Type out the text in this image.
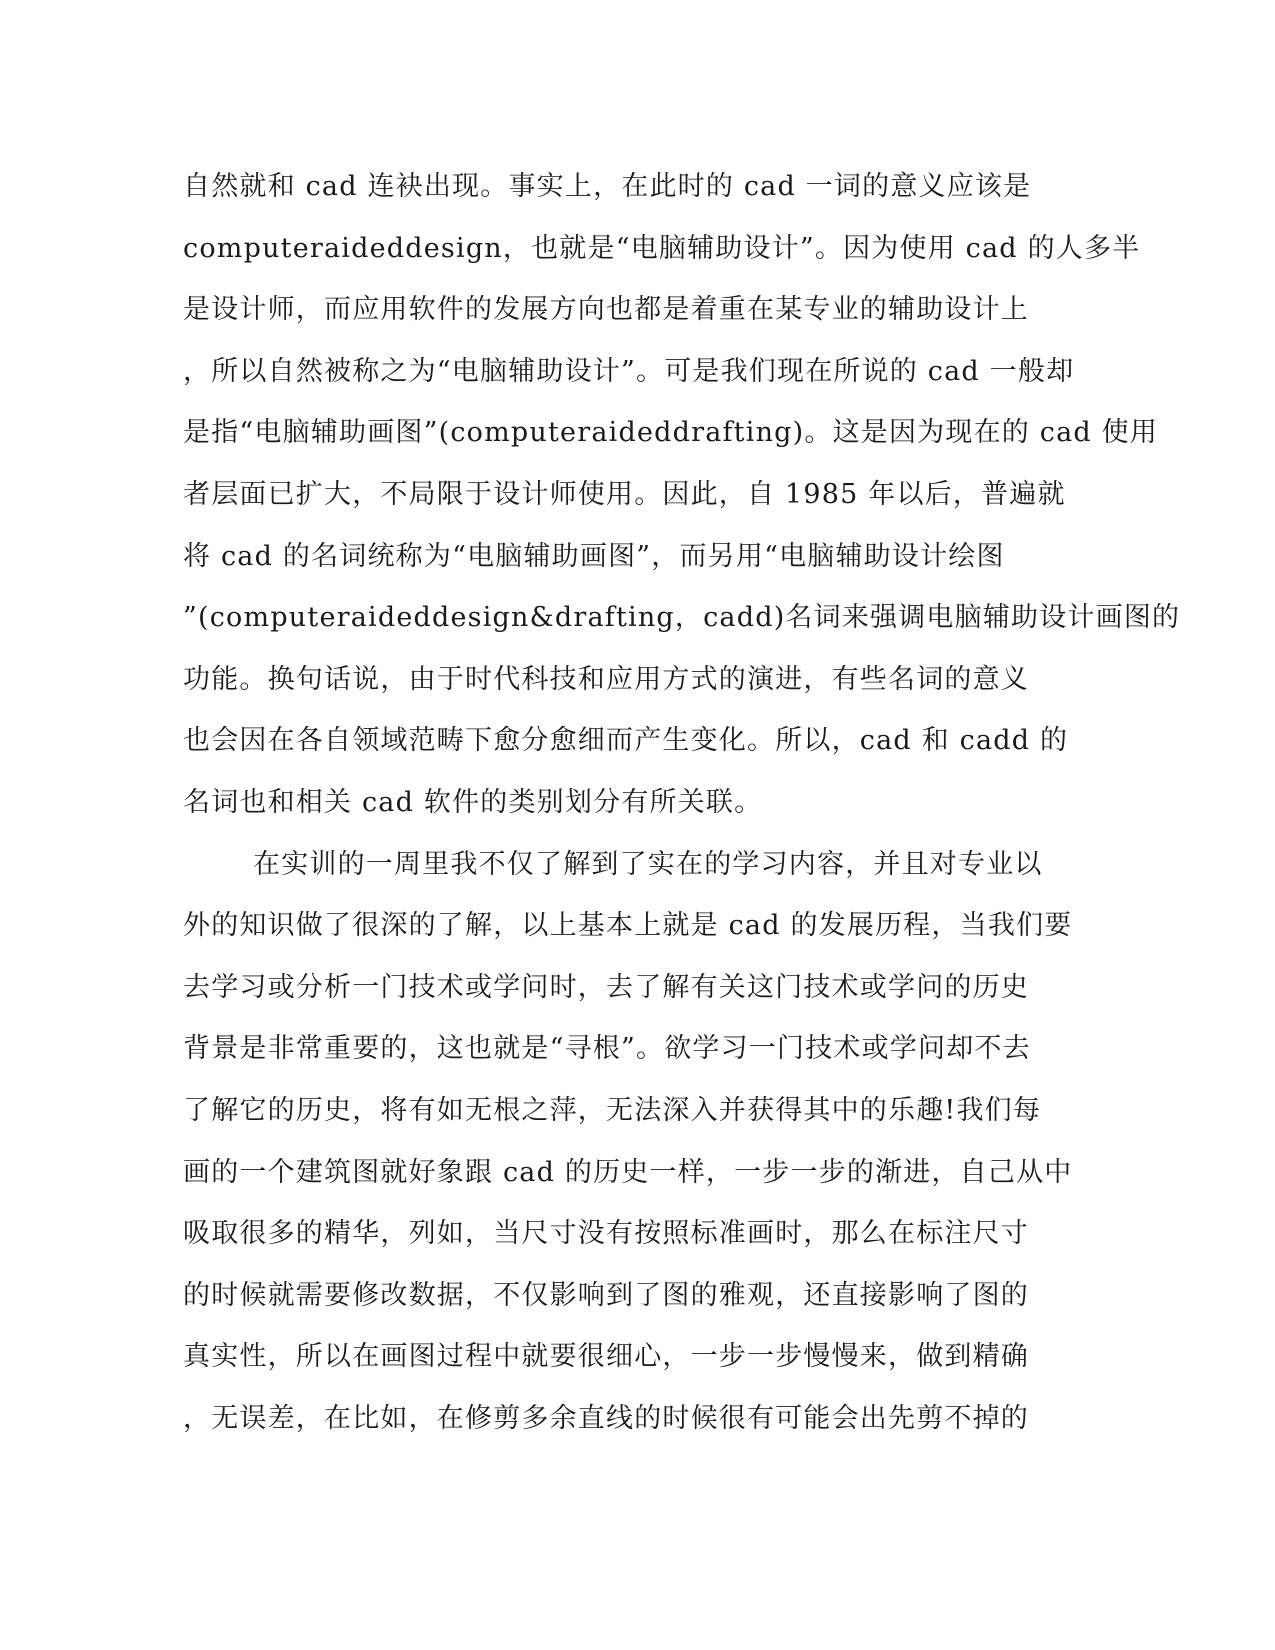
自然就和 cad 连袂出现。事实上，在此时的 cad 一词的意义应该是
computeraideddesign，也就是“电脑辅助设计”。因为使用 cad 的人多半
是设计师，而应用软件的发展方向也都是着重在某专业的辅助设计上
，所以自然被称之为“电脑辅助设计”。可是我们现在所说的 cad 一般却
是指“电脑辅助画图”(computeraideddrafting)。这是因为现在的 cad 使用
者层面已扩大，不局限于设计师使用。因此，自 1985 年以后，普遍就
将 cad 的名词统称为“电脑辅助画图”，而另用“电脑辅助设计绘图
”(computeraideddesign&drafting，cadd)名词来强调电脑辅助设计画图的
功能。换句话说，由于时代科技和应用方式的演进，有些名词的意义
也会因在各自领域范畴下愈分愈细而产生变化。所以，cad 和 cadd 的
名词也和相关 cad 软件的类别划分有所关联。
在实训的一周里我不仅了解到了实在的学习内容，并且对专业以
外的知识做了很深的了解，以上基本上就是 cad 的发展历程，当我们要
去学习或分析一门技术或学问时，去了解有关这门技术或学问的历史
背景是非常重要的，这也就是“寻根”。欲学习一门技术或学问却不去
了解它的历史，将有如无根之萍，无法深入并获得其中的乐趣!我们每
画的一个建筑图就好象跟 cad 的历史一样，一步一步的渐进，自己从中
吸取很多的精华，列如，当尺寸没有按照标准画时，那么在标注尺寸
的时候就需要修改数据，不仅影响到了图的雅观，还直接影响了图的
真实性，所以在画图过程中就要很细心，一步一步慢慢来，做到精确
，无误差，在比如，在修剪多余直线的时候很有可能会出先剪不掉的
